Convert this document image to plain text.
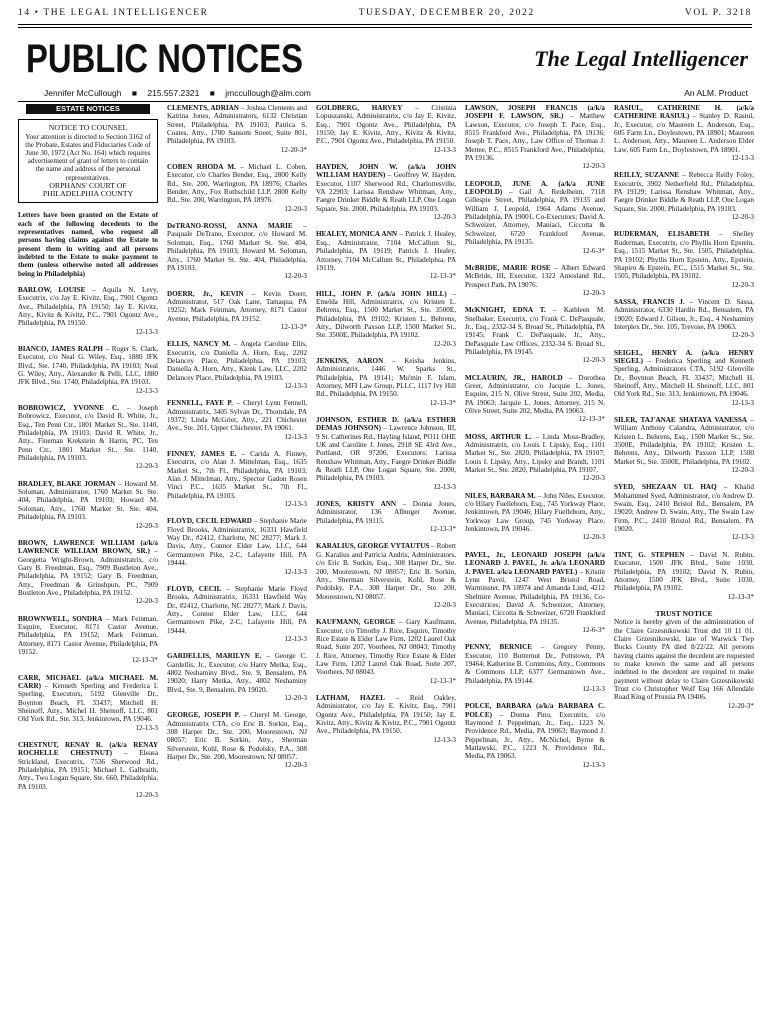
14 • THE LEGAL INTELLIGENCER	TUESDAY, DECEMBER 20, 2022	VOL P. 3218
PUBLIC NOTICES	The Legal Intelligencer
Jennifer McCullough ■ 215.557.2321 ■ jmccullough@alm.com	An ALM. Product
ESTATE NOTICES
NOTICE TO COUNSEL
Your attention is directed to Section 3162 of the Probate, Estates and Fiduciaries Code of June 30, 1972 (Act No. 164) which requires advertisement of grant of letters to contain the name and address of the personal representatives.
ORPHANS' COURT OF PHILADELPHIA COUNTY
Letters have been granted on the Estate of each of the following decedents to the representatives named, who request all persons having claims against the Estate to present them in writing and all persons indebted to the Estate to make payment to them (unless otherwise noted all addresses being in Philadelphia)
BARLOW, LOUISE – Aquila N. Levy, Executrix, c/o Jay E. Kivitz, Esq., 7901 Ogontz Ave., Philadelphia, PA 19150; Jay E. Kivitz, Atty., Kivitz & Kivitz, P.C., 7901 Ogontz Ave., Philadelphia, PA 19150.
12-13-3
BIANCO, JAMES RALPH – Roger S. Clark, Executor, c/o Neal G. Wiley, Esq., 1880 JFK Blvd., Ste. 1740, Philadelphia, PA 19103; Neal G. Wiley, Atty., Alexander & Pelli, LLC, 1880 JFK Blvd., Ste. 1740, Philadelphia, PA 19103.
12-13-3
BOBROWICZ, YVONNE C. – Joseph Bobrowicz, Executor, c/o David R. White, Jr., Esq., Ten Penn Ctr., 1801 Market St., Ste. 1140, Philadelphia, PA 19103; David R. White, Jr., Atty., Fineman Krekstein & Harris, PC, Ten Penn Ctr., 1801 Market St., Ste. 1140, Philadelphia, PA 19103.
12-20-3
BRADLEY, BLAKE JORMAN – Howard M. Soloman, Administrator, 1760 Market St. Ste. 404, Philadelphia, PA 19103; Howard M. Soloman, Atty., 1760 Market St. Ste. 404, Philadelphia, PA 19103.
12-20-3
BROWN, LAWRENCE WILLIAM (a/k/a LAWRENCE WILLIAM BROWN, SR.) – Georgetta Wright-Brown, Administratrix, c/o Gary B. Freedman, Esq., 7909 Bustleton Ave., Philadelphia, PA 19152; Gary B. Freedman, Atty., Freedman & Grinshpun, PC, 7909 Bustleton Ave., Philadelphia, PA 19152.
12-20-3
BROWNWELL, SONDRA – Mark Feinman, Esquire, Executor, 8171 Castor Avenue, Philadelphia, PA 19152; Mark Feinman, Attorney, 8171 Castor Avenue, Philadelphia, PA 19152.
12-13-3*
CARR, MICHAEL (a/k/a MICHAEL M. CARR) – Kenneth Sperling and Frederica I. Sperling, Executors, 5192 Glenville Dr., Boynton Beach, FL 33437; Mitchell H. Sheinoff, Atty., Michel H. Sheinoff, LLC, 801 Old York Rd., Ste. 313, Jenkintown, PA 19046.
12-13-3
CHESTNUT, RENAY R. (a/k/a RENAY ROCHELLE CHESTNUT) – Eleasa Strickland, Executrix, 7536 Sherwood Rd., Philadelphia, PA 19151; Michael L. Galbraith, Atty., Two Logan Square, Ste. 660, Philadelphia, PA 19103.
12-20-3
CLEMENTS, ADRIAN – Joshua Clements and Katrina Jones, Administrators, 6132 Christian Street, Philadelphia, PA 19103; Patrica S. Coates, Atty., 1700 Sansom Street, Suite 801, Philadelphia, PA 19103.
12-20-3*
COBEN RHODA M. – Michael L. Coben, Executor, c/o Charles Bender, Esq., 2800 Kelly Rd., Ste. 200, Warrington, PA 18976; Charles Bender, Atty., Fox Rothschild LLP, 2800 Kelly Rd., Ste. 200, Warrington, PA 18976.
12-20-3
DeTRANO-ROSSI, ANNA MARIE – Pasquale DeTrano, Executor, c/o Howard M. Soloman, Esq., 1760 Market St. Ste. 404, Philadelphia, PA 19103; Howard M. Soloman, Atty., 1760 Market St. Ste. 404, Philadelphia, PA 19103.
12-20-3
DOERR, Jr., KEVIN – Kevin Doerr, Administrator, 517 Oak Lane, Tamaqua, PA 19252; Mark Feinman, Attorney, 8171 Castor Avenue, Philadelphia, PA 19152.
12-13-3*
ELLIS, NANCY M. – Angela Caroline Ellis, Executrix, c/o Daniella A. Horn, Esq., 2202 Delancey Place, Philadelphia, PA 19103; Daniella A. Horn, Atty., Klenk Law, LLC, 2202 Delancey Place, Philadelphia, PA 19103.
12-13-3
FENNELL, FAYE P. – Cheryl Lynn Fennell, Administratrix, 3405 Sylvan Dr., Thorndale, PA 19372; Linda McGrier, Atty., 221 Chichester Ave., Ste. 201, Upper Chichester, PA 19061.
12-13-3
FINNEY, JAMES E. – Carida A. Finney, Executrix, c/o Alan J. Mittelman, Esq., 1635 Market St., 7th Fl., Philadelphia, PA 19103; Alan J. Mittelman, Atty., Spector Gadon Rosen Vinci P.C., 1635 Market St., 7th Fl., Philadelphia, PA 19103.
12-13-3
FLOYD, CECIL EDWARD – Stephanie Marie Floyd Brooks, Administratrix, 16331 Hawfield Way Dr., #2412, Charlotte, NC 28277; Mark J. Davis, Atty., Connor Elder Law, LLC, 644 Germantown Pike, 2-C, Lafayette Hill, PA 19444.
12-13-3
FLOYD, CECIL – Stephanie Marie Floyd Brooks, Administratrix, 16331 Hawfield Way Dr., #2412, Charlotte, NC 28277; Mark J. Davis, Atty., Connor Elder Law, LLC, 644 Germantown Pike, 2-C, Lafayette Hill, PA 19444.
12-13-3
GARDELLIS, MARILYN E. – George C. Gardellis, Jr., Executor, c/o Harry Metka, Esq., 4802 Neshaminy Blvd., Ste. 9, Bensalem, PA 19020; Harry Metka, Atty., 4802 Neshaminy Blvd., Ste. 9, Bensalem, PA 19020.
12-20-3
GEORGE, JOSEPH P. – Cheryl M. George, Administratrix CTA, c/o Eric B. Sorkin, Esq., 308 Harper Dr., Ste. 200, Moorestown, NJ 08057; Eric B. Sorkin, Atty., Sherman Silverstein, Kohl, Rose & Podolsky, P.A., 308 Harper Dr., Ste. 200, Moorestown, NJ 08057.
12-20-3
GOLDBERG, HARVEY – Cristinia Lopuszanski, Administratrix, c/o Jay E. Kivitz, Esq., 7901 Ogontz Ave., Philadelphia, PA 19150; Jay E. Kivitz, Atty., Kivitz & Kivitz, P.C., 7901 Ogontz Ave., Philadelphia, PA 19150.
12-13-3
HAYDEN, JOHN W. (a/k/a JOHN WILLIAM HAYDEN) – Geoffrey W. Hayden, Executor, 1107 Sherwood Rd., Charlottesville, VA 22903; Larissa Renshaw Whitman, Atty., Faegre Drinker Biddle & Reath LLP, One Logan Square, Ste. 2000, Philadelphia, PA 19103.
12-20-3
HEALEY, MONICA ANN – Patrick J. Healey, Esq., Administrator, 7104 McCallum St., Philadelphia, PA 19119; Patrick J. Healey, Attorney, 7104 McCallum St., Philadelphia, PA 19119.
12-13-3*
HILL, JOHN P. (a/k/a JOHN HILL) – Emelda Hill, Administratrix, c/o Kristen L. Behrens, Esq., 1500 Market St., Ste. 3500E, Philadelphia, PA 19102; Kristen L. Behrens, Atty., Dilworth Paxson LLP, 1500 Market St., Ste. 3500E, Philadelphia, PA 19102.
12-20-3
JENKINS, AARON – Keisha Jenkins, Administratrix, 1446 W. Sparks St., Philadelphia, PA 19141; Mu'min F. Islam, Attorney, MFI Law Group, PLLC, 1117 Ivy Hill Rd., Philadelphia, PA 19150.
12-13-3*
JOHNSON, ESTHER D. (a/k/a ESTHER DEMAS JOHNSON) – Lawrence Johnson, III, 9 St. Catherines Rd., Hayling Island, PO11 OHE UK and Caroline J. Jones, 2918 SE 43rd Ave., Portland, OR 97206, Executors; Larissa Renshaw Whitman, Atty., Faegre Drinker Biddle & Reath LLP, One Logan Square, Ste. 2000, Philadelphia, PA 19103.
12-13-3
JONES, KRISTY ANN – Donna Jones, Administrator, 136 Alburger Avenue, Philadelphia, PA 19115.
12-13-3*
KARALIUS, GEORGE VYTAUTUS – Robert G. Karalius and Patricia Andris, Administrators, c/o Eric B. Sorkin, Esq., 308 Harper Dr., Ste. 200, Moorestown, NJ 08057; Eric B. Sorkin, Atty., Sherman Silverstein, Kohl, Rose & Podolsky, P.A., 308 Harper Dr., Ste. 200, Moorestown, NJ 08057.
12-20-3
KAUFMANN, GEORGE – Gary Kaufmann, Executor, c/o Timothy J. Rice, Esquire, Timothy Rice Estate & Elder Law Firm, 1202 Laurel Oak Road, Suite 207, Voorhees, NJ 08043; Timothy J. Rice, Attorney, Timothy Rice Estate & Elder Law Firm, 1202 Laurel Oak Road, Suite 207, Voorhees, NJ 08043.
12-13-3*
LATHAM, HAZEL – Reid Oakley, Administrator, c/o Jay E. Kivitz, Esq., 7901 Ogontz Ave., Philadelphia, PA 19150; Jay E. Kivitz, Atty., Kivitz & Kivitz, P.C., 7901 Ogontz Ave., Philadelphia, PA 19150.
12-13-3
LAWSON, JOSEPH FRANCIS (a/k/a JOSEPH F. LAWSON, SR.) – Matthew Lawson, Executor, c/o Joseph T. Pace, Esq., 8515 Frankford Ave., Philadelphia, PA 19136; Joseph T. Pace, Atty., Law Office of Thomas J. Mettee, P.C., 8515 Frankford Ave., Philadelphia, PA 19136.
12-20-3
LEOPOLD, JUNE A. (a/k/a JUNE LEOPOLD) – Gail A. Redelheim, 7118 Gillespie Street, Philadelphia, PA 19135 and William J. Leopold, 1964 Adams Avenue, Philadelphia, PA 19001, Co-Executors; David A. Schweizer, Attorney, Maniaci, Ciccotta & Schweizer, 6720 Frankford Avenue, Philadelphia, PA 19135.
12-6-3*
McBRIDE, MARIE ROSE – Albert Edward McBride, III, Executor, 1322 Amosland Rd., Prospect Park, PA 19076.
12-20-3
McKNIGHT, EDNA T. – Kathleen M. Snelbaker, Executrix, c/o Frank C. DePasquale, Jr., Esq., 2332-34 S. Broad St., Philadelphia, PA 19145; Frank C. DePasquale, Jr., Atty., DePasquale Law Offices, 2332-34 S. Broad St., Philadelphia, PA 19145.
12-20-3
MCLAURIN, JR., HAROLD – Dorothea Greer, Administrator, c/o Jacquie L. Jones, Esquire, 215 N. Olive Street, Suite 202, Media, PA 19063; Jacquie L. Jones, Attorney, 215 N. Olive Street, Suite 202, Media, PA 19063.
12-13-3*
MOSS, ARTHUR L. – Linda Moss-Bradley, Administratrix, c/o Louis I. Lipsky, Esq., 1101 Market St., Ste. 2820, Philadelphia, PA 19107; Louis I. Lipsky, Atty., Lipsky and Brandt, 1101 Market St., Ste. 2820, Philadelphia, PA 19107.
12-20-3
NILES, BARBARA M. – John Niles, Executor, c/o Hilary Fuelleborn, Esq., 745 Yorkway Place, Jenkintown, PA 19046; Hilary Fuelleborn, Atty., Yorkway Law Group, 745 Yorkway Place, Jenkintown, PA 19046.
12-20-3
PAVEL, Jr., LEONARD JOSEPH (a/k/a LEONARD J. PAVEL, Jr. a/k/a LEONARD J. PAVEL a/k/a LEONARD PAVEL) – Kristin Lynn Pavel, 1247 West Bristol Road, Warminster, PA 18974 and Amanda Lind, 4212 Shelmire Avenue, Philadelphia, PA 19136, Co-Executrices; David A. Schweizer, Attorney, Maniaci, Ciccotta & Schweizer, 6720 Frankford Avenue, Philadelphia, PA 19135.
12-6-3*
PENNY, BERNICE – Gregory Penny, Executor, 110 Butternut Dr., Pottstown, PA 19464; Katherine B. Commons, Atty., Commons & Commons LLP, 6377 Germantown Ave., Philadelphia, PA 19144.
12-13-3
POLCE, BARBARA (a/k/a BARBARA C. POLCE) – Donna Pino, Executrix, c/o Raymond J. Peppelman, Jr., Esq., 1223 N. Providence Rd., Media, PA 19063; Raymond J. Peppelman, Jr., Atty., McNichol, Byrne & Matlawski, P.C., 1223 N. Providence Rd., Media, PA 19063.
12-13-3
RASIUL, CATHERINE H. (a/k/a CATHERINE RASIUL) – Stanley D. Rasiul, Jr., Executor, c/o Maureen L. Anderson, Esq., 605 Farm Ln., Doylestown, PA 18901; Maureen L. Anderson, Atty., Maureen L. Anderson Elder Law, 605 Farm Ln., Doylestown, PA 18901.
12-13-3
REILLY, SUZANNE – Rebecca Reilly Foley, Executrix, 3902 Netherfield Rd., Philadelphia, PA 19129; Larissa Renshaw Whitman, Atty., Faegre Drinker Biddle & Reath LLP, One Logan Square, Ste. 2000, Philadelphia, PA 19103.
12-20-3
RUDERMAN, ELISABETH – Shelley Ruderman, Executrix, c/o Phyllis Horn Epstein, Esq., 1515 Market St., Ste. 1505, Philadelphia, PA 19102; Phyllis Horn Epstein, Atty., Epstein, Shapiro & Epstein, P.C., 1515 Market St., Ste. 1505, Philadelphia, PA 19102.
12-20-3
SASSA, FRANCIS J. – Vincent D. Sassa, Administrator, 6330 Hardin Rd., Bensalem, PA 19020; Edward J. Gilson, Jr., Esq., 4 Neshaminy Interplex Dr., Ste. 105, Trevose, PA 19063.
12-20-3
SEIGEL, HENRY A. (a/k/a HENRY SIEGEL) – Frederica Sperling and Kenneth Sperling, Administrators CTA, 5192 Glenville Dr., Boynton Beach, FL 33437; Mitchell H. Sheinoff, Atty., Mitchell H. Sheinoff, LLC, 801 Old York Rd., Ste. 313, Jenkintown, PA 19046.
12-13-3
SILER, TAJ'ANAE SHATAYA VANESSA – William Anthony Calandra, Administrator, c/o Kristen L. Behrens, Esq., 1500 Market St., Ste. 3500E, Philadelphia, PA 19102; Kristen L. Behrens, Atty., Dilworth Paxson LLP, 1500 Market St., Ste. 3500E, Philadelphia, PA 19102.
12-20-3
SYED, SHEZAAN UL HAQ – Khalid Mohammed Syed, Administrator, c/o Andrew D. Swain, Esq., 2410 Bristol Rd., Bensalem, PA 19020; Andrew D. Swain, Atty., The Swain Law Firm, P.C., 2410 Bristol Rd., Bensalem, PA 19020.
12-13-3
TINT, G. STEPHEN – David N. Rubin, Executor, 1500 JFK Blvd., Suite 1030, Philadelphia, PA 19102; David N. Rubin, Attorney, 1500 JFK Blvd., Suite 1030, Philadelphia, PA 19102.
12-13-3*
TRUST NOTICE
Notice is hereby given of the administration of the Claire Grzesnikowski Trust dtd 10 11 01. Claire Grzesnikowski, late of Warwick Twp Bucks County PA died 8/22/22. All persons having claims against the decedent are requested to make known the same and all persons indebted to the decedent are required to make payment without delay to Claire Grzesnikowski Trust c/o Christopher Wolf Esq 166 Allendale Road King of Prussia PA 19406.
12-20-3*
